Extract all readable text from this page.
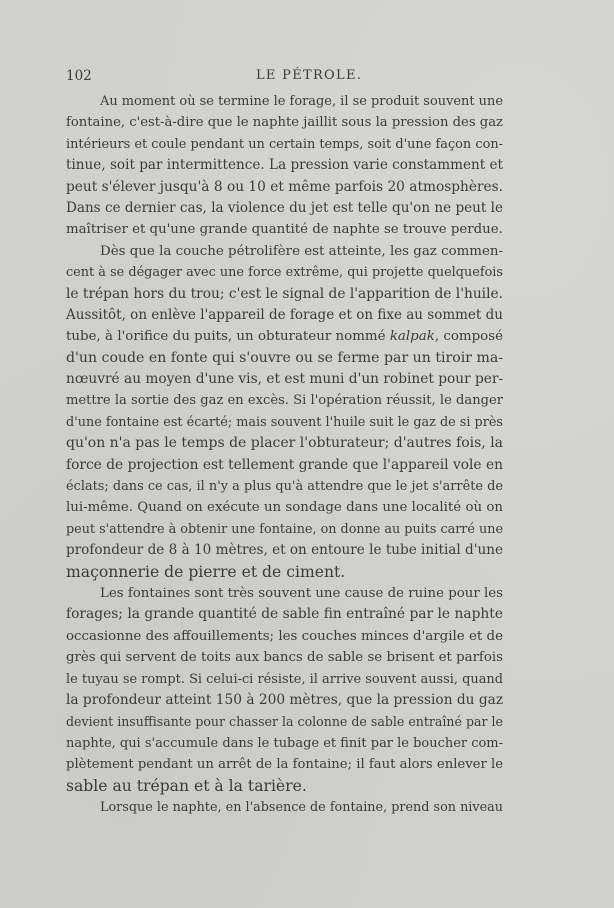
102	LE PÉTROLE.
Au moment où se termine le forage, il se produit souvent une
fontaine, c'est-à-dire que le naphte jaillit sous la pression des gaz
intérieurs et coule pendant un certain temps, soit d'une façon con-
tinue, soit par intermittence. La pression varie constamment et
peut s'élever jusqu'à 8 ou 10 et même parfois 20 atmosphères.
Dans ce dernier cas, la violence du jet est telle qu'on ne peut le
maîtriser et qu'une grande quantité de naphte se trouve perdue.
Dès que la couche pétrolifère est atteinte, les gaz commen-
cent à se dégager avec une force extrême, qui projette quelquefois
le trépan hors du trou; c'est le signal de l'apparition de l'huile.
Aussitôt, on enlève l'appareil de forage et on fixe au sommet du
tube, à l'orifice du puits, un obturateur nommé kalpak, composé
d'un coude en fonte qui s'ouvre ou se ferme par un tiroir ma-
nœuvré au moyen d'une vis, et est muni d'un robinet pour per-
mettre la sortie des gaz en excès. Si l'opération réussit, le danger
d'une fontaine est écarté; mais souvent l'huile suit le gaz de si près
qu'on n'a pas le temps de placer l'obturateur; d'autres fois, la
force de projection est tellement grande que l'appareil vole en
éclats; dans ce cas, il n'y a plus qu'à attendre que le jet s'arrête de
lui-même. Quand on exécute un sondage dans une localité où on
peut s'attendre à obtenir une fontaine, on donne au puits carré une
profondeur de 8 à 10 mètres, et on entoure le tube initial d'une
maçonnerie de pierre et de ciment.
Les fontaines sont très souvent une cause de ruine pour les
forages; la grande quantité de sable fin entraîné par le naphte
occasionne des affouillements; les couches minces d'argile et de
grès qui servent de toits aux bancs de sable se brisent et parfois
le tuyau se rompt. Si celui-ci résiste, il arrive souvent aussi, quand
la profondeur atteint 150 à 200 mètres, que la pression du gaz
devient insuffisante pour chasser la colonne de sable entraîné par le
naphte, qui s'accumule dans le tubage et finit par le boucher com-
plètement pendant un arrêt de la fontaine; il faut alors enlever le
sable au trépan et à la tarière.
Lorsque le naphte, en l'absence de fontaine, prend son niveau
